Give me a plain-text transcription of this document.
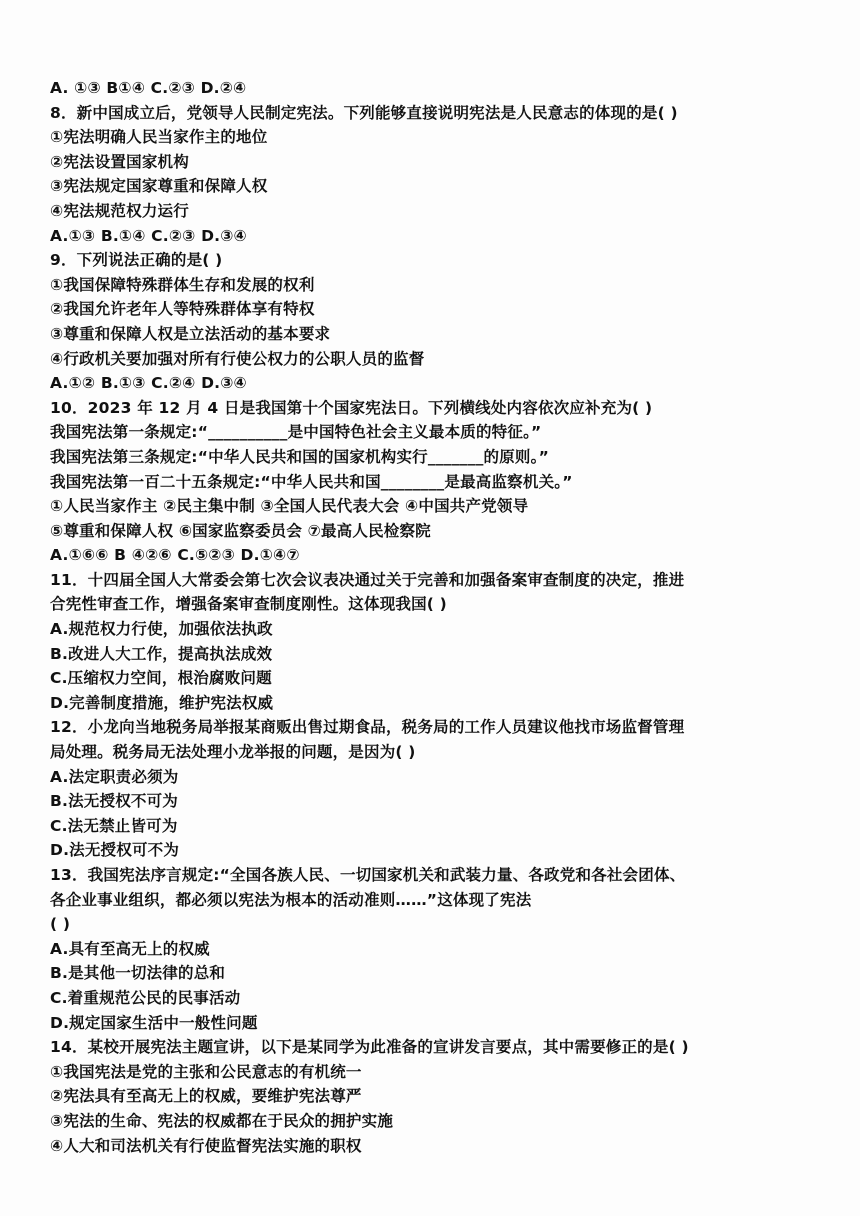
A. ①③ B①④ C.②③ D.②④
8．新中国成立后，党领导人民制定宪法。下列能够直接说明宪法是人民意志的体现的是( )
①宪法明确人民当家作主的地位
②宪法设置国家机构
③宪法规定国家尊重和保障人权
④宪法规范权力运行
A.①③ B.①④ C.②③ D.③④
9．下列说法正确的是( )
①我国保障特殊群体生存和发展的权利
②我国允许老年人等特殊群体享有特权
③尊重和保障人权是立法活动的基本要求
④行政机关要加强对所有行使公权力的公职人员的监督
A.①② B.①③ C.②④ D.③④
10．2023 年 12 月 4 日是我国第十个国家宪法日。下列横线处内容依次应补充为( )
我国宪法第一条规定:“__________是中国特色社会主义最本质的特征。”
我国宪法第三条规定:“中华人民共和国的国家机构实行_______的原则。”
我国宪法第一百二十五条规定:“中华人民共和国________是最高监察机关。”
①人民当家作主 ②民主集中制 ③全国人民代表大会 ④中国共产党领导
⑤尊重和保障人权 ⑥国家监察委员会 ⑦最高人民检察院
A.①⑥⑥ B ④②⑥ C.⑤②③ D.①④⑦
11．十四届全国人大常委会第七次会议表决通过关于完善和加强备案审查制度的决定，推进
合宪性审查工作，增强备案审查制度刚性。这体现我国( )
A.规范权力行使，加强依法执政
B.改进人大工作，提高执法成效
C.压缩权力空间，根治腐败问题
D.完善制度措施，维护宪法权威
12．小龙向当地税务局举报某商贩出售过期食品，税务局的工作人员建议他找市场监督管理
局处理。税务局无法处理小龙举报的问题，是因为( )
A.法定职责必须为
B.法无授权不可为
C.法无禁止皆可为
D.法无授权可不为
13．我国宪法序言规定:“全国各族人民、一切国家机关和武装力量、各政党和各社会团体、
各企业事业组织，都必须以宪法为根本的活动准则……”这体现了宪法
( )
A.具有至高无上的权威
B.是其他一切法律的总和
C.着重规范公民的民事活动
D.规定国家生活中一般性问题
14．某校开展宪法主题宣讲，以下是某同学为此准备的宣讲发言要点，其中需要修正的是( )
①我国宪法是党的主张和公民意志的有机统一
②宪法具有至高无上的权威，要维护宪法尊严
③宪法的生命、宪法的权威都在于民众的拥护实施
④人大和司法机关有行使监督宪法实施的职权
